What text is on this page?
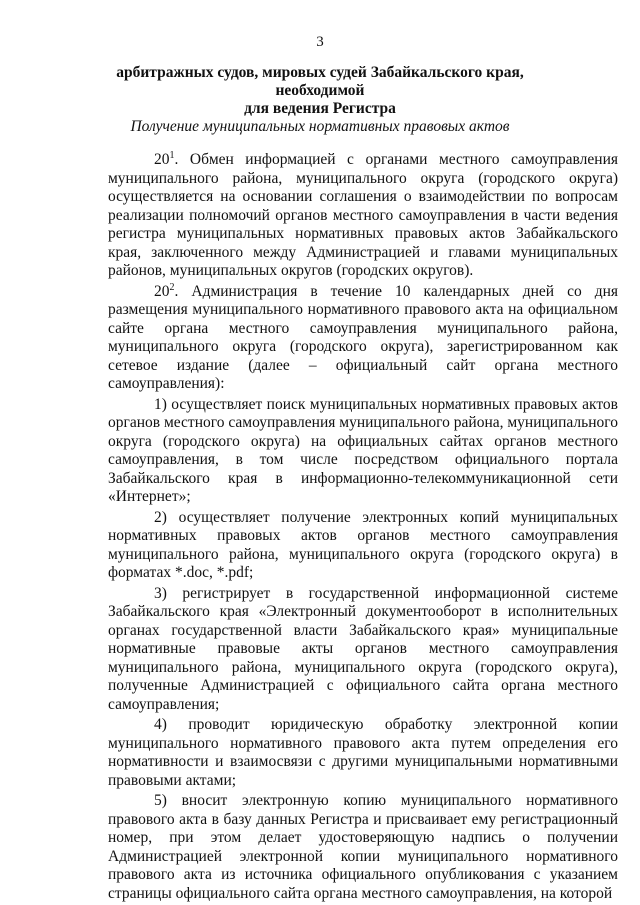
3
арбитражных судов, мировых судей Забайкальского края, необходимой
для ведения Регистра
Получение муниципальных нормативных правовых актов

$20^1$. Обмен информацией с органами местного самоуправления муниципального района, муниципального округа (городского округа) осуществляется на основании соглашения о взаимодействии по вопросам реализации полномочий органов местного самоуправления в части ведения регистра муниципальных нормативных правовых актов Забайкальского края, заключенного между Администрацией и главами муниципальных районов, муниципальных округов (городских округов).

$20^2$. Администрация в течение 10 календарных дней со дня размещения муниципального нормативного правового акта на официальном сайте органа местного самоуправления муниципального района, муниципального округа (городского округа), зарегистрированном как сетевое издание (далее – официальный сайт органа местного самоуправления):

1) осуществляет поиск муниципальных нормативных правовых актов органов местного самоуправления муниципального района, муниципального округа (городского округа) на официальных сайтах органов местного самоуправления, в том числе посредством официального портала Забайкальского края в информационно-телекоммуникационной сети «Интернет»;

2) осуществляет получение электронных копий муниципальных нормативных правовых актов органов местного самоуправления муниципального района, муниципального округа (городского округа) в форматах *.doc, *.pdf;

3) регистрирует в государственной информационной системе Забайкальского края «Электронный документооборот в исполнительных органах государственной власти Забайкальского края» муниципальные нормативные правовые акты органов местного самоуправления муниципального района, муниципального округа (городского округа), полученные Администрацией с официального сайта органа местного самоуправления;

4) проводит юридическую обработку электронной копии муниципального нормативного правового акта путем определения его нормативности и взаимосвязи с другими муниципальными нормативными правовыми актами;

5) вносит электронную копию муниципального нормативного правового акта в базу данных Регистра и присваивает ему регистрационный номер, при этом делает удостоверяющую надпись о получении Администрацией электронной копии муниципального нормативного правового акта из источника официального опубликования с указанием страницы официального сайта органа местного самоуправления, на которой
